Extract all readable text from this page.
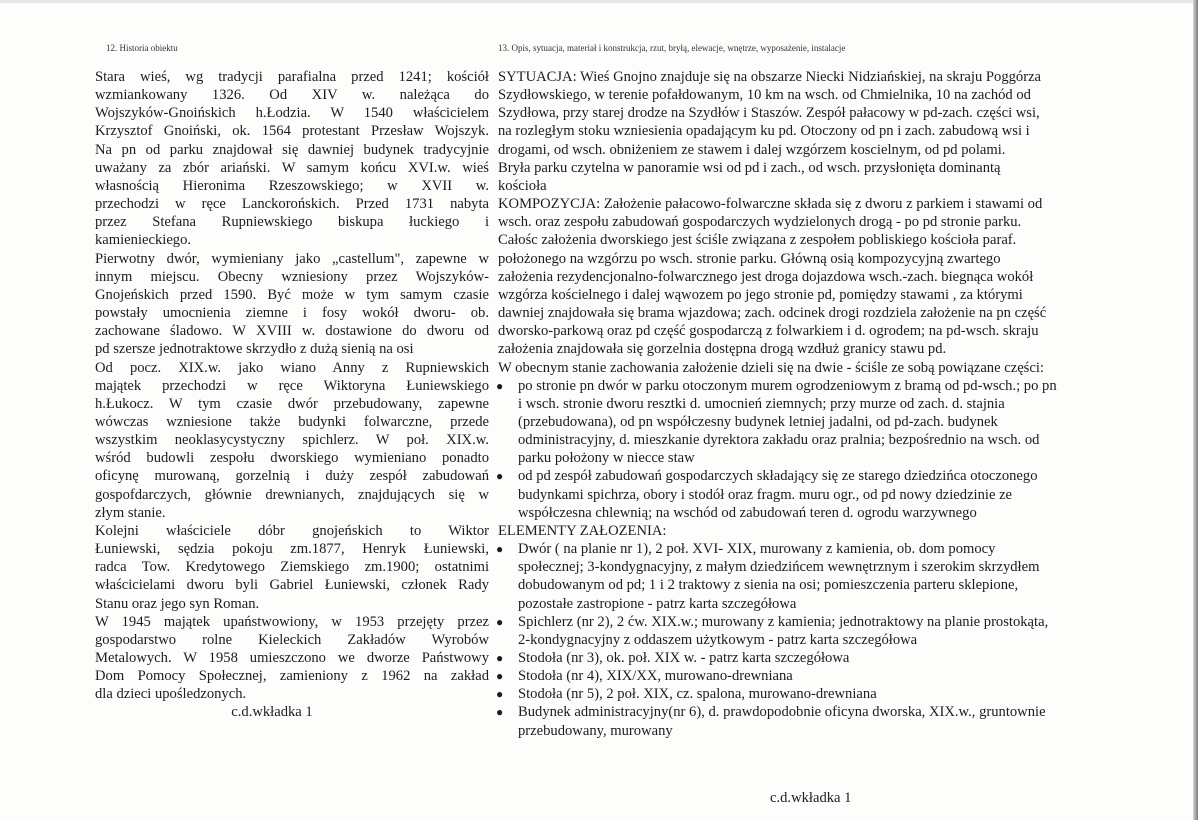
12. Historia obiektu	13. Opis, sytuacja, materiał i konstrukcja, rzut, bryłą, elewacje, wnętrze, wyposażenie, instalacje

Stara wieś, wg tradycji parafialna przed 1241; kościół

wzmiankowany 1326. Od XIV w. należąca do

Wojszyków-Gnoińskich h.Łodzia. W 1540 właścicielem

Krzysztof Gnoiński, ok. 1564 protestant Przesław Wojszyk.

Na pn od parku znajdował się dawniej budynek tradycyjnie

uważany za zbór ariański. W samym końcu XVI.w. wieś

własnością Hieronima Rzeszowskiego; w XVII w.

przechodzi w ręce Lanckorońskich. Przed 1731 nabyta

przez Stefana Rupniewskiego biskupa łuckiego i

kamienieckiego.

Pierwotny dwór, wymieniany jako „castellum", zapewne w

innym miejscu. Obecny wzniesiony przez Wojszyków-

Gnojeńskich przed 1590. Być może w tym samym czasie

powstały umocnienia ziemne i fosy wokół dworu- ob.

zachowane śladowo. W XVIII w. dostawione do dworu od

pd szersze jednotraktowe skrzydło z dużą sienią na osi

Od pocz. XIX.w. jako wiano Anny z Rupniewskich

majątek przechodzi w ręce Wiktoryna Łuniewskiego

h.Łukocz. W tym czasie dwór przebudowany, zapewne

wówczas wzniesione także budynki folwarczne, przede

wszystkim neoklasycystyczny spichlerz. W poł. XIX.w.

wśród budowli zespołu dworskiego wymieniano ponadto

oficynę murowaną, gorzelnią i duży zespół zabudowań

gospofdarczych, głównie drewnianych, znajdujących się w

złym stanie.

Kolejni właściciele dóbr gnojeńskich to Wiktor

Łuniewski, sędzia pokoju zm.1877, Henryk Łuniewski,

radca Tow. Kredytowego Ziemskiego zm.1900; ostatnimi

właścicielami dworu byli Gabriel Łuniewski, członek Rady

Stanu oraz jego syn Roman.

W 1945 majątek upaństwowiony, w 1953 przejęty przez

gospodarstwo rolne Kieleckich Zakładów Wyrobów

Metalowych. W 1958 umieszczono we dworze Państwowy

Dom Pomocy Społecznej, zamieniony z 1962 na zakład

dla dzieci upośledzonych.

c.d.wkładka 1

SYTUACJA: Wieś Gnojno znajduje się na obszarze Niecki Nidziańskiej, na skraju Poggórza

Szydłowskiego, w terenie pofałdowanym, 10 km na wsch. od Chmielnika, 10 na zachód od

Szydłowa, przy starej drodze na Szydłów i Staszów. Zespół pałacowy w pd-zach. części wsi,

na rozległym stoku wzniesienia opadającym ku pd. Otoczony od pn i zach. zabudową wsi i

drogami, od wsch. obniżeniem ze stawem i dalej wzgórzem koscielnym, od pd polami.

Bryła parku czytelna w panoramie wsi od pd i zach., od wsch. przysłonięta dominantą

kościoła

KOMPOZYCJA: Założenie pałacowo-folwarczne składa się z dworu z parkiem i stawami od

wsch. oraz zespołu zabudowań gospodarczych wydzielonych drogą - po pd stronie parku.

Całośc założenia dworskiego jest ściśle związana z zespołem pobliskiego kościoła paraf.

położonego na wzgórzu po wsch. stronie parku. Główną osią kompozycyjną zwartego

założenia rezydencjonalno-folwarcznego jest droga dojazdowa wsch.-zach. biegnąca wokół

wzgórza kościelnego i dalej wąwozem po jego stronie pd, pomiędzy stawami , za którymi

dawniej znajdowała się brama wjazdowa; zach. odcinek drogi rozdziela założenie na pn część

dworsko-parkową oraz pd część gospodarczą z folwarkiem i d. ogrodem; na pd-wsch. skraju

założenia znajdowała się gorzelnia dostępna drogą wzdłuż granicy stawu pd.

W obecnym stanie zachowania założenie dzieli się na dwie - ściśle ze sobą powiązane części:

● po stronie pn dwór w parku otoczonym murem ogrodzeniowym z bramą od pd-wsch.; po pn

i wsch. stronie dworu resztki d. umocnień ziemnych; przy murze od zach. d. stajnia

(przebudowana), od pn współczesny budynek letniej jadalni, od pd-zach. budynek

odministracyjny, d. mieszkanie dyrektora zakładu oraz pralnia; bezpośrednio na wsch. od

parku położony w niecce staw

● od pd zespół zabudowań gospodarczych składający się ze starego dziedzińca otoczonego

budynkami spichrza, obory i stodół oraz fragm. muru ogr., od pd nowy dziedzinie ze

współczesna chlewnią; na wschód od zabudowań teren d. ogrodu warzywnego

ELEMENTY ZAŁOZENIA:

● Dwór ( na planie nr 1), 2 poł. XVI- XIX, murowany z kamienia, ob. dom pomocy

społecznej; 3-kondygnacyjny, z małym dziedzińcem wewnętrznym i szerokim skrzydłem

dobudowanym od pd; 1 i 2 traktowy z sienia na osi; pomieszczenia parteru sklepione,

pozostałe zastropione - patrz karta szczegółowa

● Spichlerz (nr 2), 2 ćw. XIX.w.; murowany z kamienia; jednotraktowy na planie prostokąta,

2-kondygnacyjny z oddaszem użytkowym - patrz karta szczegółowa

● Stodoła (nr 3), ok. poł. XIX w. - patrz karta szczegółowa

● Stodoła (nr 4), XIX/XX, murowano-drewniana

● Stodoła (nr 5), 2 poł. XIX, cz. spalona, murowano-drewniana

● Budynek administracyjny(nr 6), d. prawdopodobnie oficyna dworska, XIX.w., gruntownie

przebudowany, murowany

c.d.wkładka 1
